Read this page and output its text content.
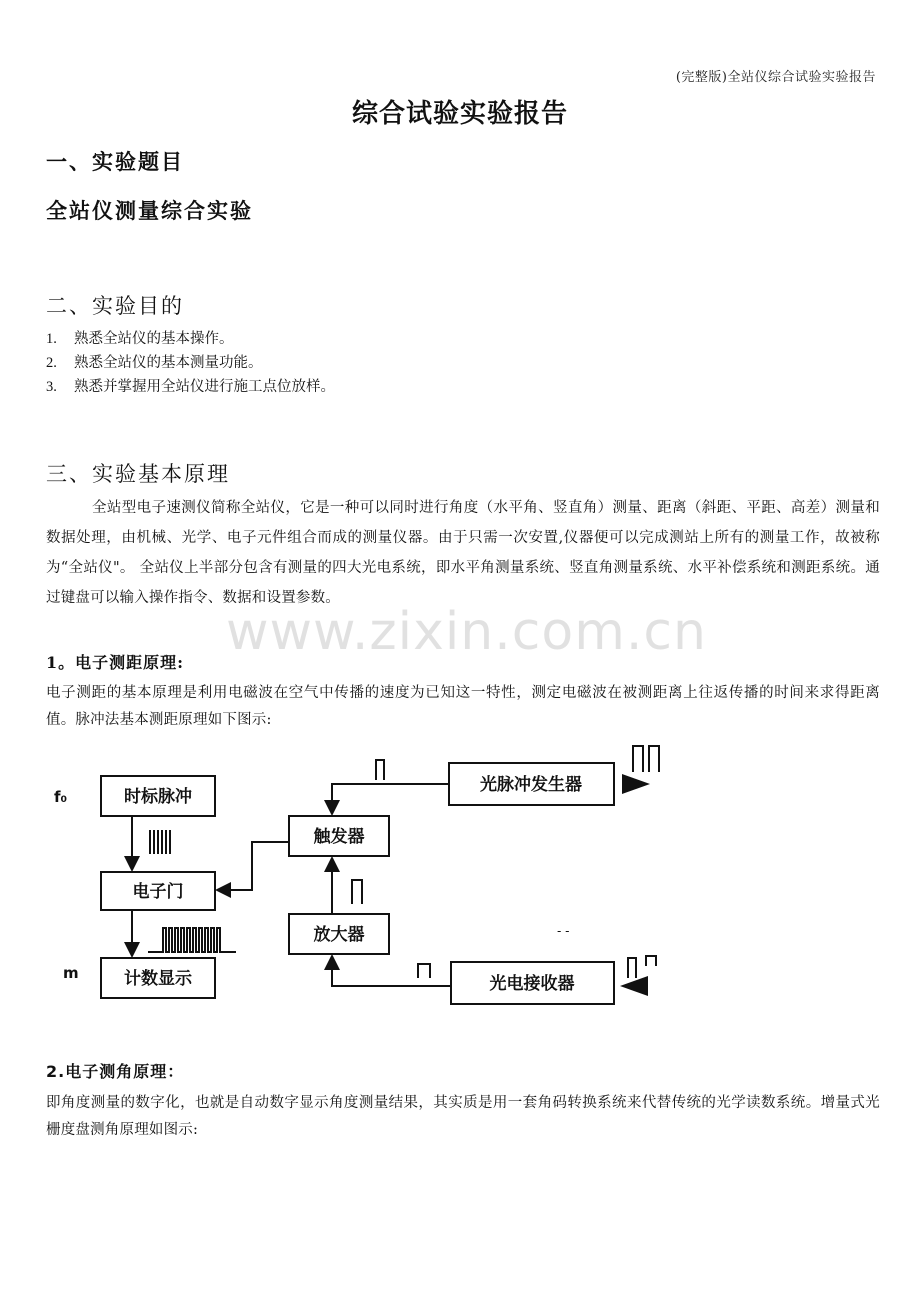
(完整版)全站仪综合试验实验报告
综合试验实验报告
一、实验题目
全站仪测量综合实验
二、实验目的
1. 熟悉全站仪的基本操作。
2. 熟悉全站仪的基本测量功能。
3. 熟悉并掌握用全站仪进行施工点位放样。
三、实验基本原理
全站型电子速测仪简称全站仪，它是一种可以同时进行角度（水平角、竖直角）测量、距离（斜距、平距、高差）测量和数据处理，由机械、光学、电子元件组合而成的测量仪器。由于只需一次安置,仪器便可以完成测站上所有的测量工作，故被称为“全站仪"。 全站仪上半部分包含有测量的四大光电系统，即水平角测量系统、竖直角测量系统、水平补偿系统和测距系统。通过键盘可以输入操作指令、数据和设置参数。
www.zixin.com.cn
1。电子测距原理:
电子测距的基本原理是利用电磁波在空气中传播的速度为已知这一特性，测定电磁波在被测距离上往返传播的时间来求得距离值。脉冲法基本测距原理如下图示:
- -
f₀
m
时标脉冲
电子门
计数显示
触发器
放大器
光脉冲发生器
光电接收器
2.电子测角原理：
即角度测量的数字化，也就是自动数字显示角度测量结果，其实质是用一套角码转换系统来代替传统的光学读数系统。增量式光栅度盘测角原理如图示:
